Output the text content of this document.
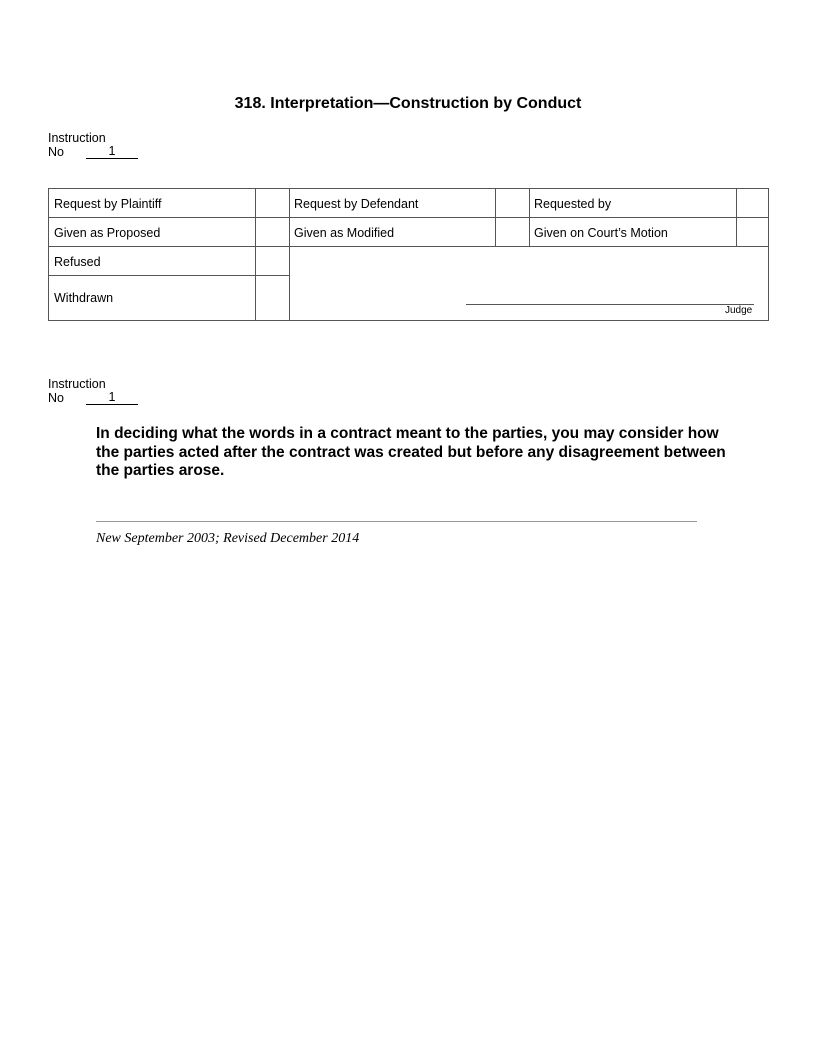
318. Interpretation—Construction by Conduct
Instruction
No	1
Request by Plaintiff	Request by Defendant	Requested by
Given as Proposed	Given as Modified	Given on Court’s Motion
Refused
Withdrawn
Judge
Instruction
No	1
In deciding what the words in a contract meant to the parties, you may consider how the parties acted after the contract was created but before any disagreement between the parties arose.
New September 2003; Revised December 2014
